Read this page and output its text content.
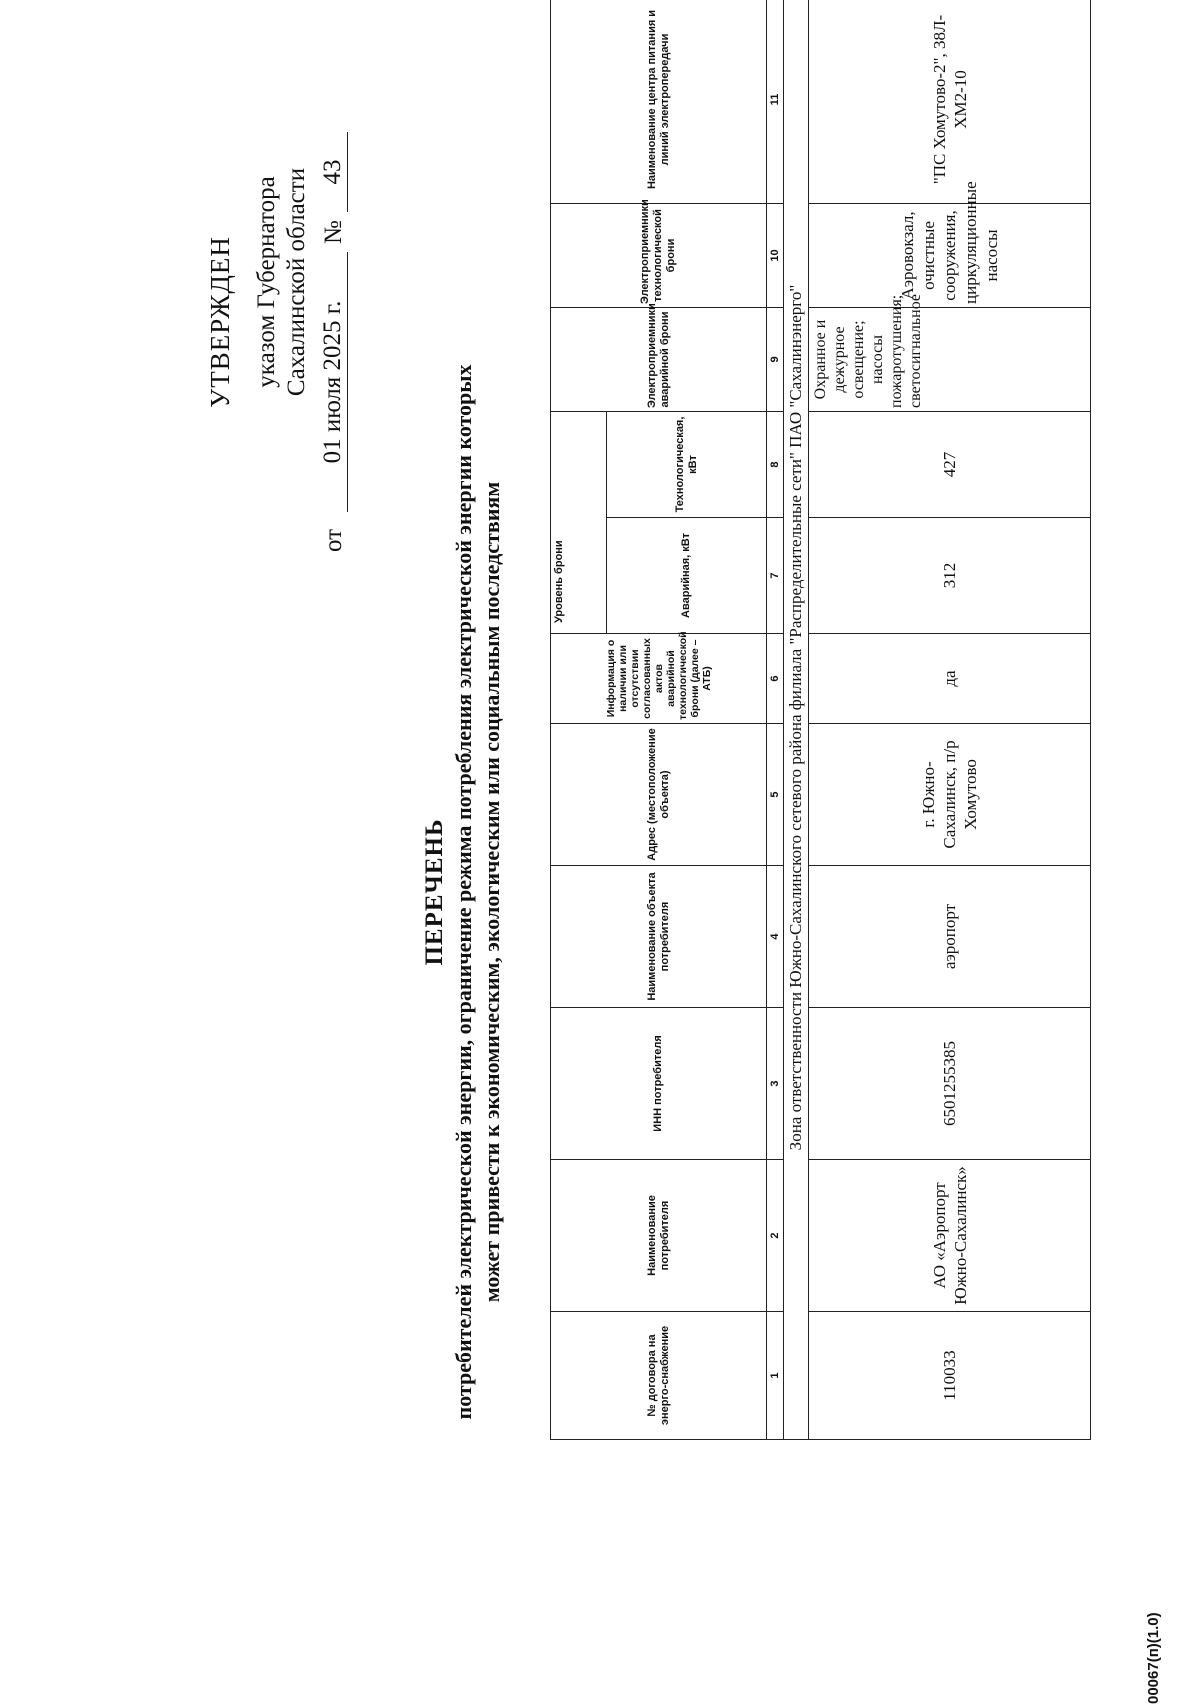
УТВЕРЖДЕН указом Губернатора Сахалинской области
от
01 июля 2025 г.
№
43
ПЕРЕЧЕНЬ потребителей электрической энергии, ограничение режима потребления электрической энергии которых может привести к экономическим, экологическим или социальным последствиям
№ договора на энерго-снабжение	Наименование потребителя	ИНН потребителя	Наименование объекта потребителя	Адрес (местоположение объекта)	Информация о наличии или отсутствии согласованных актов аварийной технологической брони (далее – АТБ)	Уровень брони		Электроприемники аварийной брони	Электроприемники технологической брони	Наименование центра питания и линий электропередачи
						Аварийная, кВт	Технологическая, кВт			
1	2	3	4	5	6	7	8	9	10	11
Зона ответственности Южно-Сахалинского сетевого района филиала "Распределительные сети" ПАО "Сахалинэнерго"										
110033	АО «Аэропорт Южно-Сахалинск»	6501255385	аэропорт	г. Южно-Сахалинск, п/р Хомутово	да	312	427	Охранное и дежурное освещение; насосы пожаротушения; светосигнальное	Аэровокзал, очистные сооружения, циркуляционные насосы	"ПС Хомутово-2", 38Л-ХМ2-10
00067(п)(1.0)
